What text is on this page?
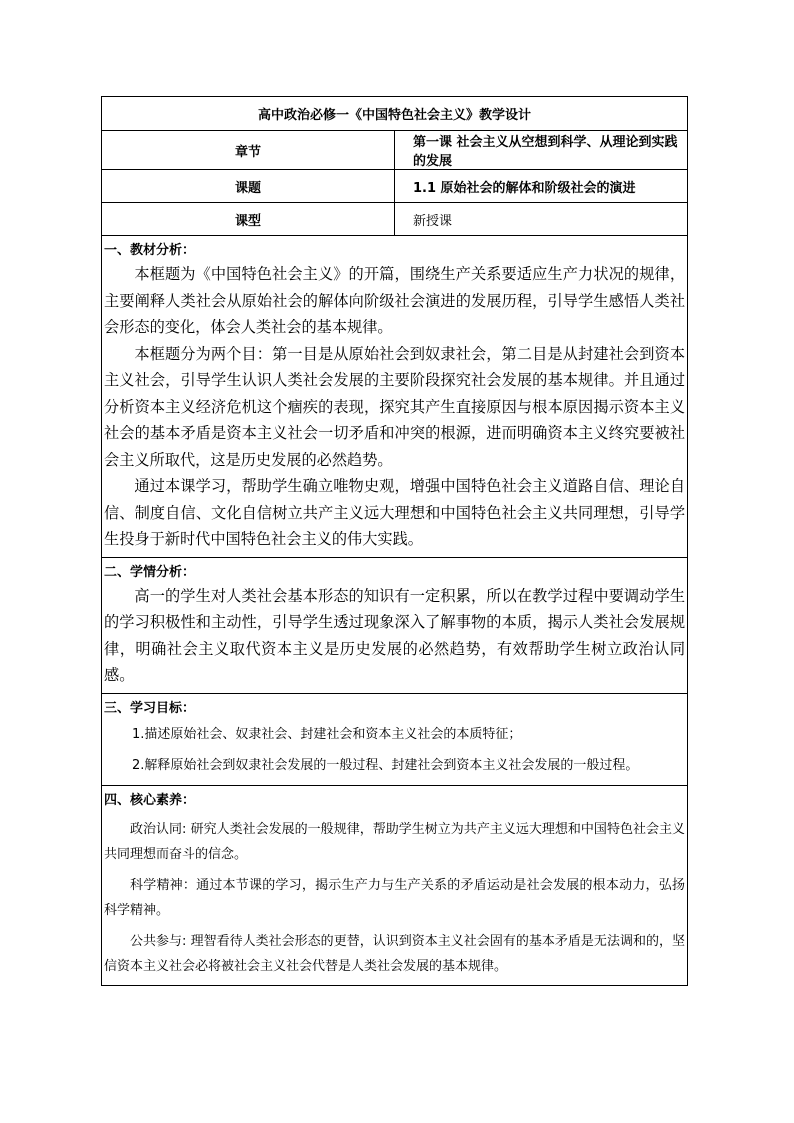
高中政治必修一《中国特色社会主义》教学设计	
章节	第一课 社会主义从空想到科学、从理论到实践的发展
课题	1.1 原始社会的解体和阶级社会的演进
课型	新授课

一、教材分析：

本框题为《中国特色社会主义》的开篇，围绕生产关系要适应生产力状况的规律，主要阐释人类社会从原始社会的解体向阶级社会演进的发展历程，引导学生感悟人类社会形态的变化，体会人类社会的基本规律。

本框题分为两个目：第一目是从原始社会到奴隶社会，第二目是从封建社会到资本主义社会，引导学生认识人类社会发展的主要阶段探究社会发展的基本规律。并且通过分析资本主义经济危机这个痼疾的表现，探究其产生直接原因与根本原因揭示资本主义社会的基本矛盾是资本主义社会一切矛盾和冲突的根源，进而明确资本主义终究要被社会主义所取代，这是历史发展的必然趋势。

通过本课学习，帮助学生确立唯物史观，增强中国特色社会主义道路自信、理论自信、制度自信、文化自信树立共产主义远大理想和中国特色社会主义共同理想，引导学生投身于新时代中国特色社会主义的伟大实践。	

二、学情分析：

高一的学生对人类社会基本形态的知识有一定积累，所以在教学过程中要调动学生的学习积极性和主动性，引导学生透过现象深入了解事物的本质，揭示人类社会发展规律，明确社会主义取代资本主义是历史发展的必然趋势，有效帮助学生树立政治认同感。	

三、学习目标：

1.描述原始社会、奴隶社会、封建社会和资本主义社会的本质特征；

2.解释原始社会到奴隶社会发展的一般过程、封建社会到资本主义社会发展的一般过程。	

四、核心素养：

政治认同: 研究人类社会发展的一般规律，帮助学生树立为共产主义远大理想和中国特色社会主义共同理想而奋斗的信念。

科学精神：通过本节课的学习，揭示生产力与生产关系的矛盾运动是社会发展的根本动力，弘扬科学精神。

公共参与: 理智看待人类社会形态的更替，认识到资本主义社会固有的基本矛盾是无法调和的，坚信资本主义社会必将被社会主义社会代替是人类社会发展的基本规律。	
